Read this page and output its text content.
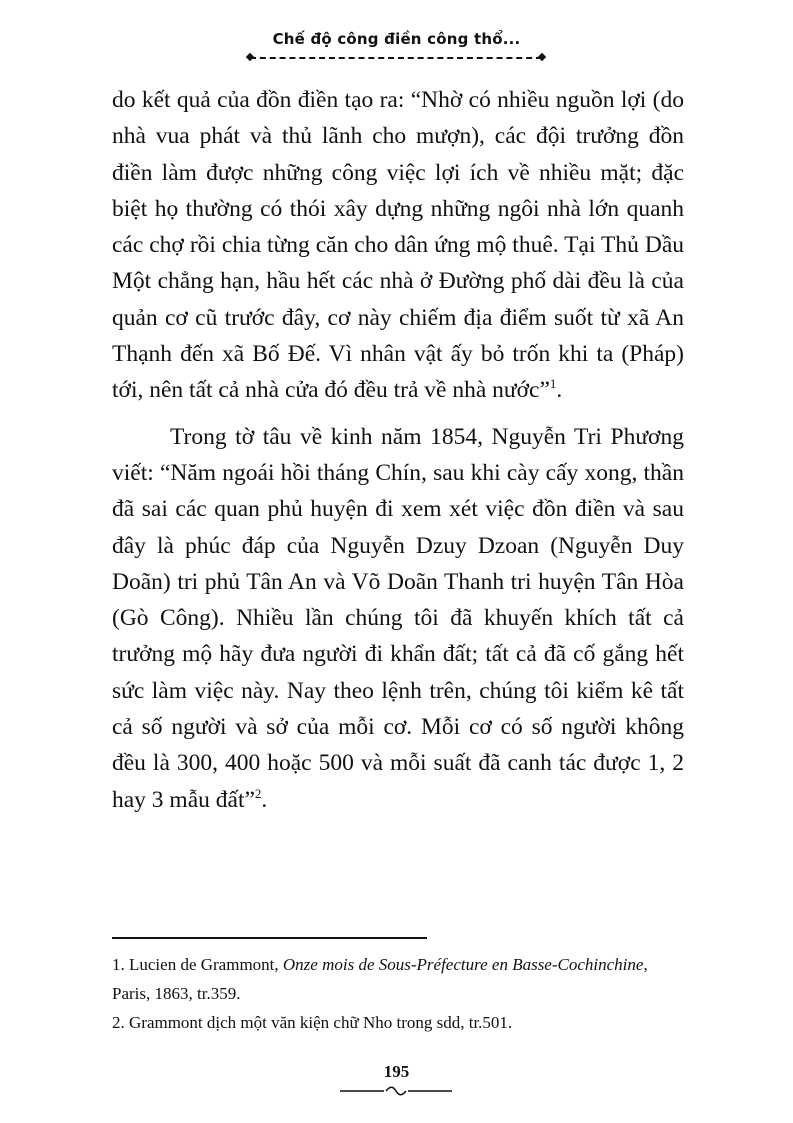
Chế độ công điền công thổ...

do kết quả của đồn điền tạo ra: “Nhờ có nhiều nguồn lợi (do nhà vua phát và thủ lãnh cho mượn), các đội trưởng đồn điền làm được những công việc lợi ích về nhiều mặt; đặc biệt họ thường có thói xây dựng những ngôi nhà lớn quanh các chợ rồi chia từng căn cho dân ứng mộ thuê. Tại Thủ Dầu Một chẳng hạn, hầu hết các nhà ở Đường phố dài đều là của quản cơ cũ trước đây, cơ này chiếm địa điểm suốt từ xã An Thạnh đến xã Bố Đế. Vì nhân vật ấy bỏ trốn khi ta (Pháp) tới, nên tất cả nhà cửa đó đều trả về nhà nước”$^1$.

Trong tờ tâu về kinh năm 1854, Nguyễn Tri Phương viết: “Năm ngoái hồi tháng Chín, sau khi cày cấy xong, thần đã sai các quan phủ huyện đi xem xét việc đồn điền và sau đây là phúc đáp của Nguyễn Dzuy Dzoan (Nguyễn Duy Doãn) tri phủ Tân An và Võ Doãn Thanh tri huyện Tân Hòa (Gò Công). Nhiều lần chúng tôi đã khuyến khích tất cả trưởng mộ hãy đưa người đi khẩn đất; tất cả đã cố gắng hết sức làm việc này. Nay theo lệnh trên, chúng tôi kiểm kê tất cả số người và sở của mỗi cơ. Mỗi cơ có số người không đều là 300, 400 hoặc 500 và mỗi suất đã canh tác được 1, 2 hay 3 mẫu đất”$^2$.

1. Lucien de Grammont, Onze mois de Sous-Préfecture en Basse-Cochinchine, Paris, 1863, tr.359.

2. Grammont dịch một văn kiện chữ Nho trong sdd, tr.501.

195
